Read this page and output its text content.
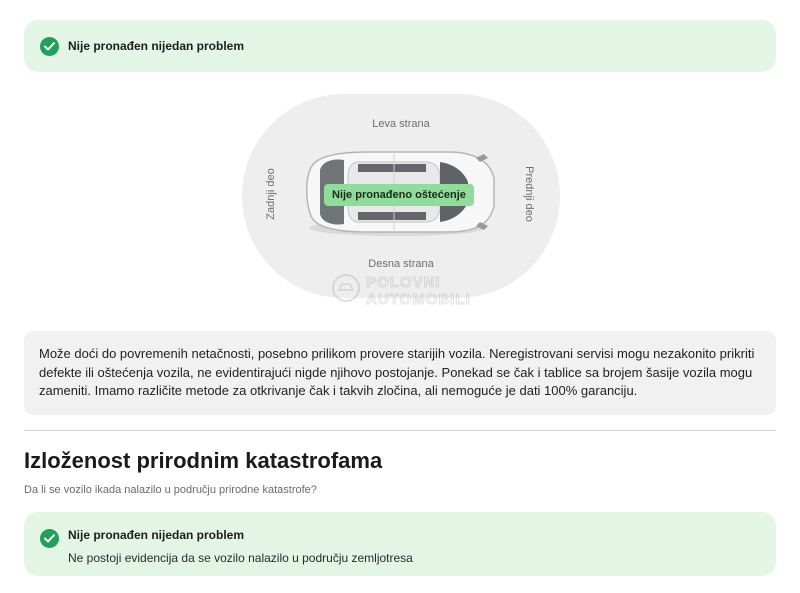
Nije pronađen nijedan problem
Leva strana
Desna strana
Zadnji deo	Prednji deo
Nije pronađeno oštećenje
POLOVNI
AUTOMOBILI
Može doći do povremenih netačnosti, posebno prilikom provere starijih vozila. Neregistrovani servisi mogu nezakonito prikriti defekte ili oštećenja vozila, ne evidentirajući nigde njihovo postojanje. Ponekad se čak i tablice sa brojem šasije vozila mogu zameniti. Imamo različite metode za otkrivanje čak i takvih zločina, ali nemoguće je dati 100% garanciju.
Izloženost prirodnim katastrofama
Da li se vozilo ikada nalazilo u području prirodne katastrofe?
Nije pronađen nijedan problem
Ne postoji evidencija da se vozilo nalazilo u području zemljotresa
